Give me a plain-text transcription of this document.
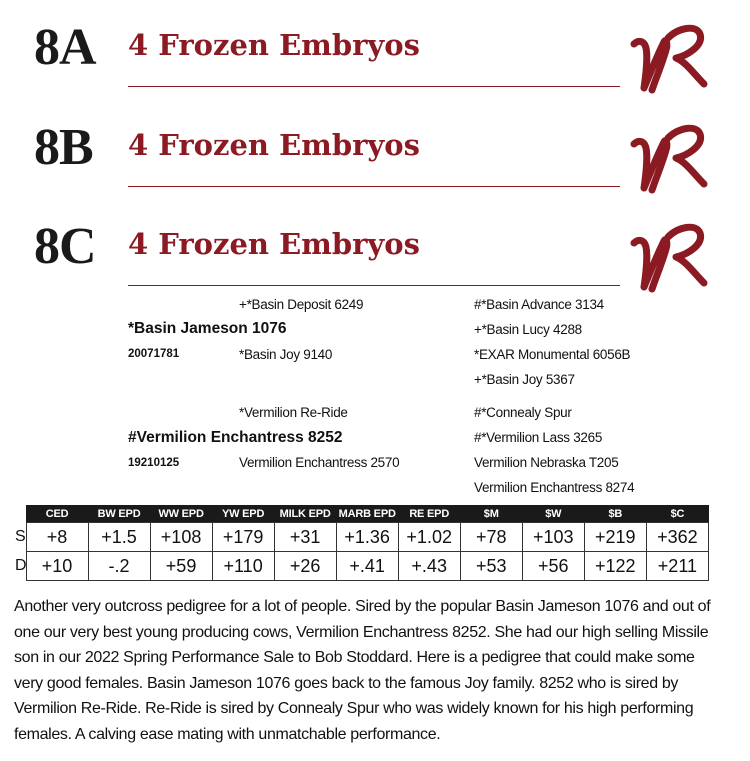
8A 4 Frozen Embryos
8B 4 Frozen Embryos
8C 4 Frozen Embryos
+*Basin Deposit 6249
*Basin Jameson 1076
20071781	*Basin Joy 9140
#*Basin Advance 3134
+*Basin Lucy 4288
*EXAR Monumental 6056B
+*Basin Joy 5367
*Vermilion Re-Ride
#Vermilion Enchantress 8252
19210125	Vermilion Enchantress 2570
#*Connealy Spur
#*Vermilion Lass 3265
Vermilion Nebraska T205
Vermilion Enchantress 8274
	CED	BW EPD	WW EPD	YW EPD	MILK EPD	MARB EPD	RE EPD	$M	$W	$B	$C
S	+8	+1.5	+108	+179	+31	+1.36	+1.02	+78	+103	+219	+362
D	+10	-.2	+59	+110	+26	+.41	+.43	+53	+56	+122	+211
Another very outcross pedigree for a lot of people. Sired by the popular Basin Jameson 1076 and out of one our very best young producing cows, Vermilion Enchantress 8252. She had our high selling Missile son in our 2022 Spring Performance Sale to Bob Stoddard. Here is a pedigree that could make some very good females. Basin Jameson 1076 goes back to the famous Joy family. 8252 who is sired by Vermilion Re-Ride. Re-Ride is sired by Connealy Spur who was widely known for his high performing females. A calving ease mating with unmatchable performance.
